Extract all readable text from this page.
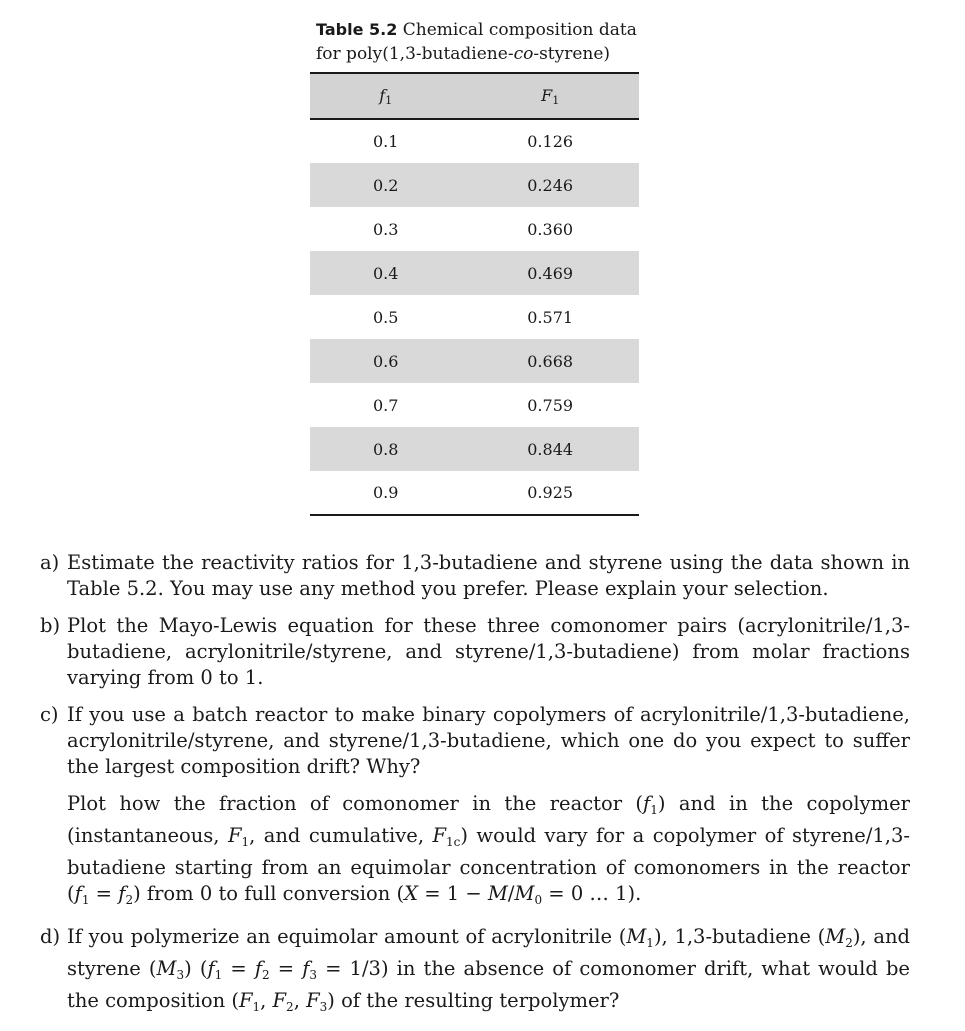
Table 5.2 Chemical composition data for poly(1,3-butadiene-co-styrene)
$f_1$	$F_1$
0.1	0.126
0.2	0.246
0.3	0.360
0.4	0.469
0.5	0.571
0.6	0.668
0.7	0.759
0.8	0.844
0.9	0.925
a) Estimate the reactivity ratios for 1,3-butadiene and styrene using the data shown in Table 5.2. You may use any method you prefer. Please explain your selection.

b) Plot the Mayo-Lewis equation for these three comonomer pairs (acrylonitrile/1,3-butadiene, acrylonitrile/styrene, and styrene/1,3-butadiene) from molar fractions varying from 0 to 1.

c) If you use a batch reactor to make binary copolymers of acrylonitrile/1,3-butadiene, acrylonitrile/styrene, and styrene/1,3-butadiene, which one do you expect to suffer the largest composition drift? Why?

Plot how the fraction of comonomer in the reactor $(f_1)$ and in the copolymer (instantaneous, $F_1$, and cumulative, $F_{1c}$) would vary for a copolymer of styrene/1,3-butadiene starting from an equimolar concentration of comonomers in the reactor $(f_1 = f_2)$ from 0 to full conversion ($X = 1 - M/M_0 = 0$ … 1).

d) If you polymerize an equimolar amount of acrylonitrile $(M_1)$, 1,3-butadiene $(M_2)$, and styrene $(M_3) (f_1 = f_2 = f_3 = 1/3)$ in the absence of comonomer drift, what would be the composition ($F_1$, $F_2$, $F_3$) of the resulting terpolymer?
